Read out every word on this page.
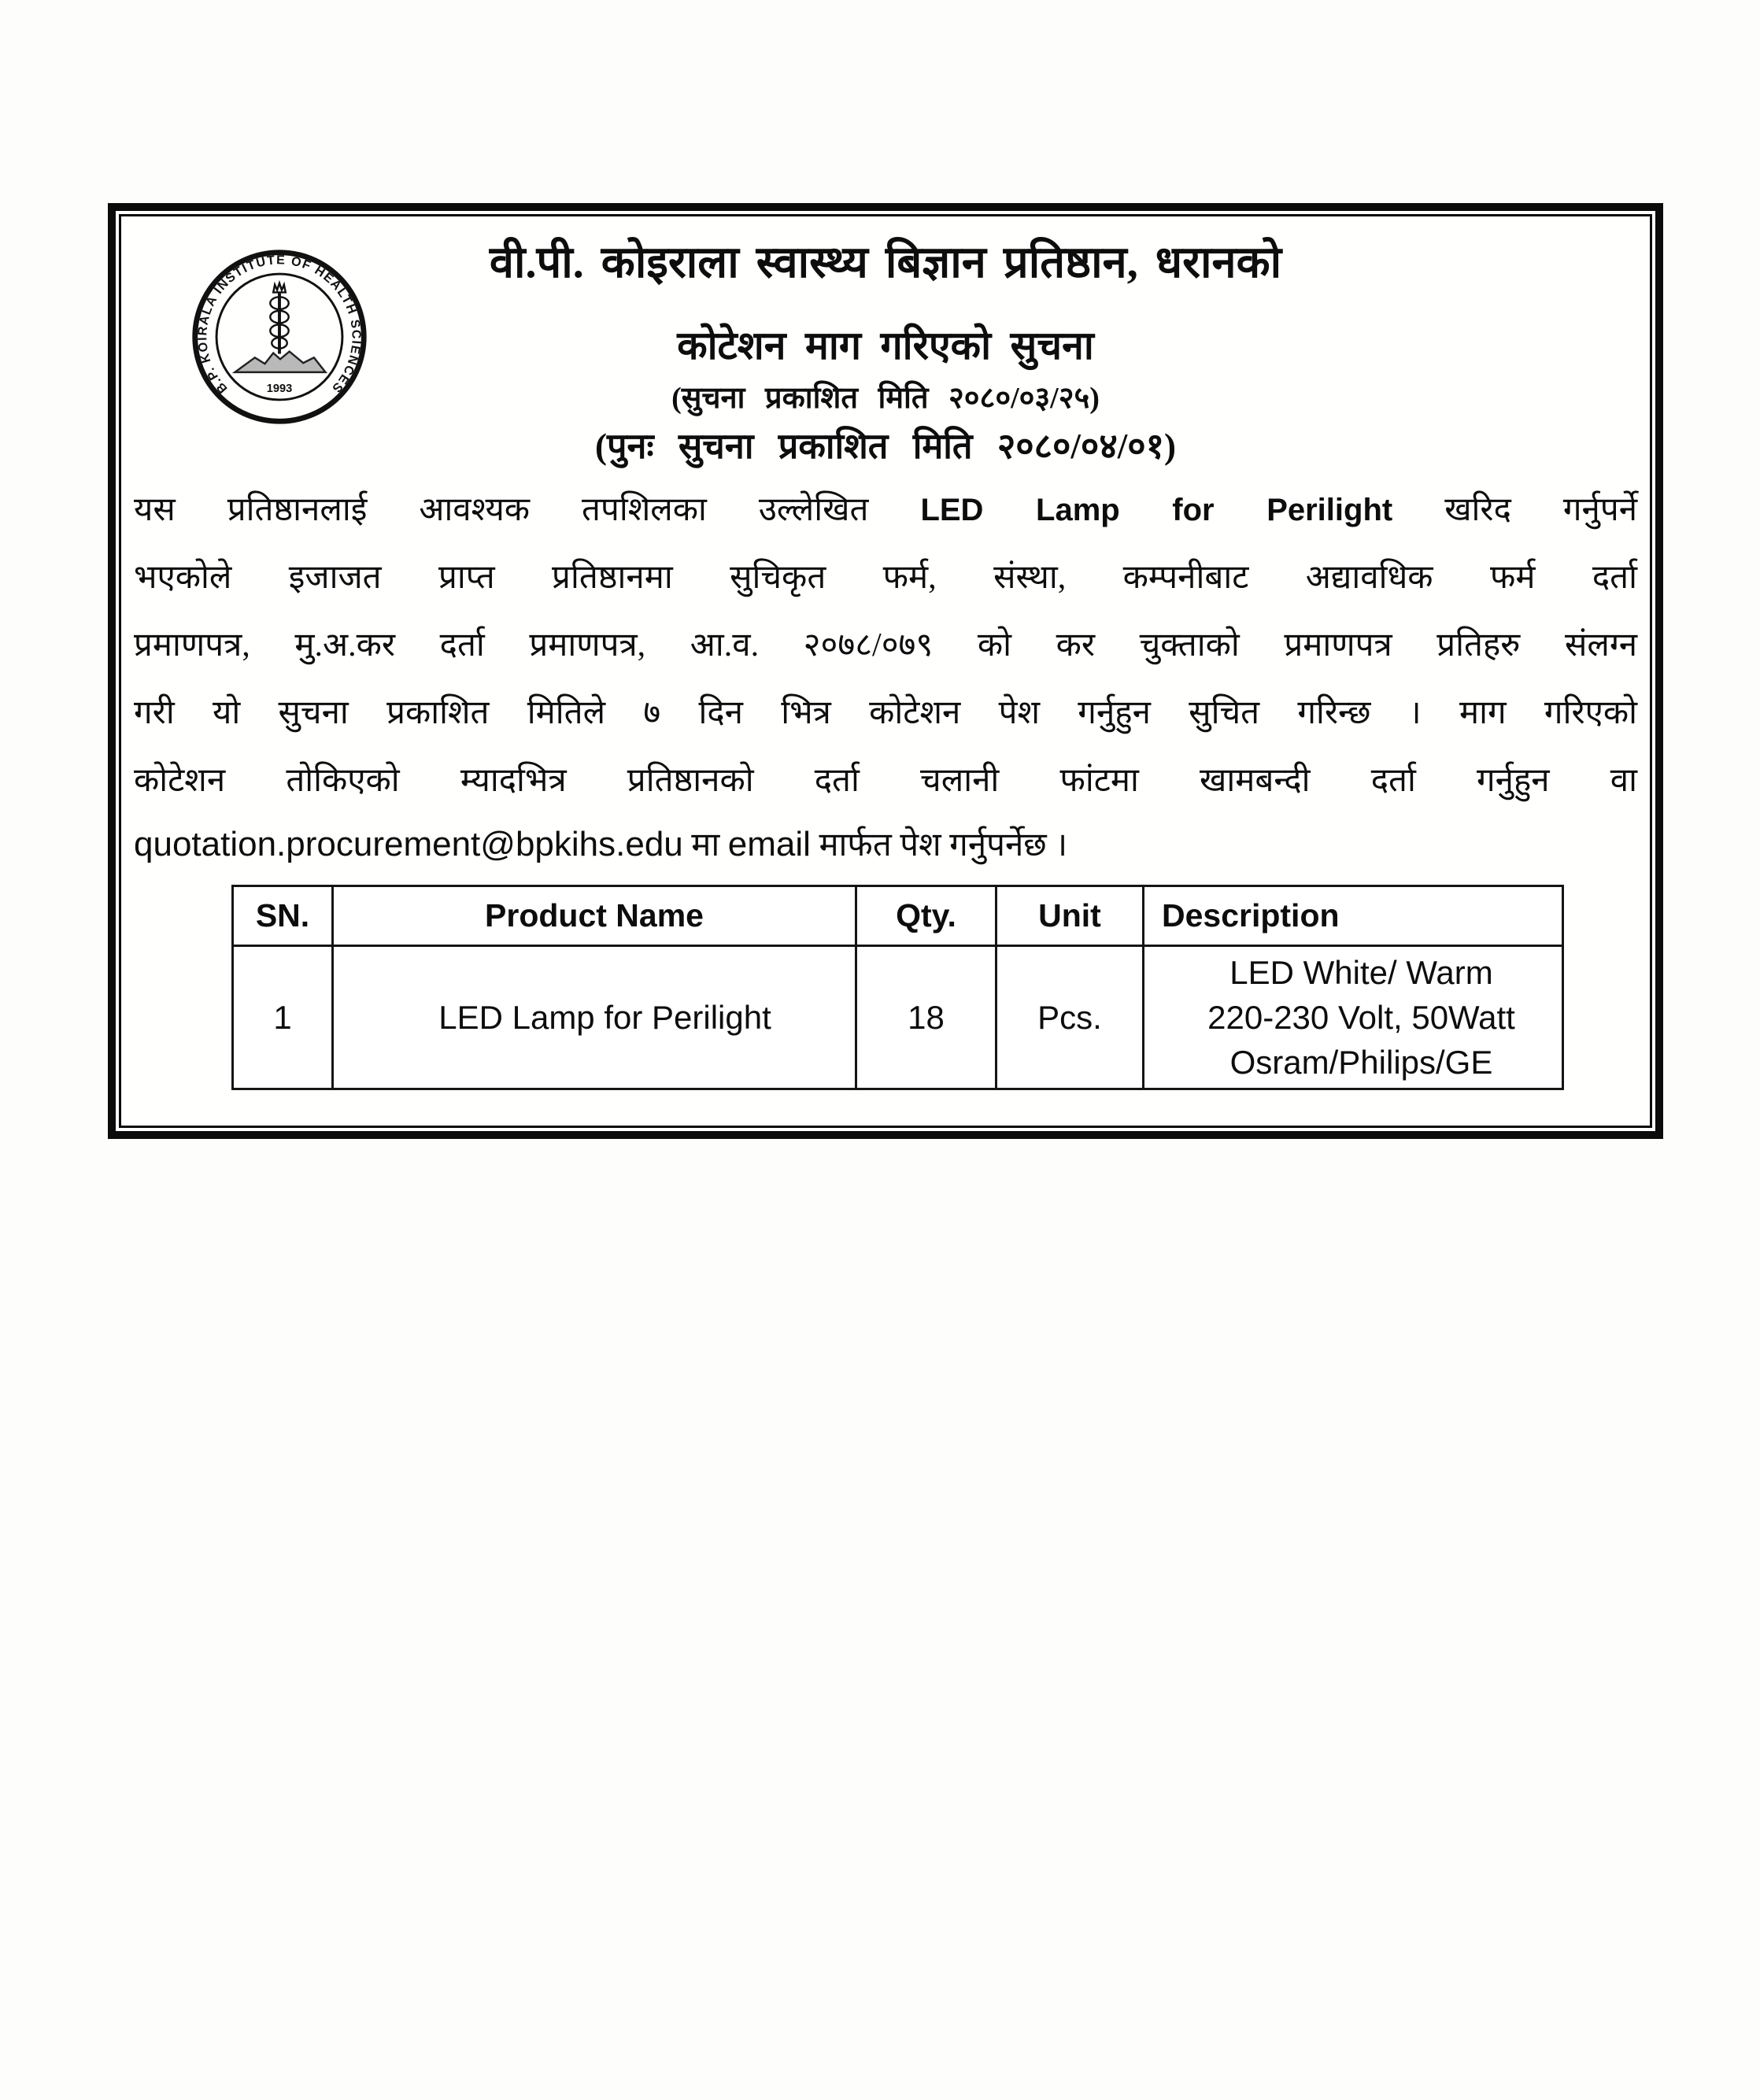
B.P. KOIRALA INSTITUTE OF HEALTH SCIENCES
1993
वी.पी. कोइराला स्वास्थ्य बिज्ञान प्रतिष्ठान, धरानको
कोटेशन माग गरिएको सुचना
(सुचना प्रकाशित मिति २०८०/०३/२५)
(पुनः सुचना प्रकाशित मिति २०८०/०४/०१)
यस प्रतिष्ठानलाई आवश्यक तपशिलका उल्लेखित LED Lamp for Perilight खरिद गर्नुपर्ने
भएकोले इजाजत प्राप्त प्रतिष्ठानमा सुचिकृत फर्म, संस्था, कम्पनीबाट अद्यावधिक फर्म दर्ता
प्रमाणपत्र, मु.अ.कर दर्ता प्रमाणपत्र, आ.व. २०७८/०७९ को कर चुक्ताको प्रमाणपत्र प्रतिहरु संलग्न
गरी यो सुचना प्रकाशित मितिले ७ दिन भित्र कोटेशन पेश गर्नुहुन सुचित गरिन्छ । माग गरिएको
कोटेशन तोकिएको म्यादभित्र प्रतिष्ठानको दर्ता चलानी फांटमा खामबन्दी दर्ता गर्नुहुन वा
quotation.procurement@bpkihs.edu मा email मार्फत पेश गर्नुपर्नेछ ।
SN.	Product Name	Qty.	Unit	Description
1	LED Lamp for Perilight	18	Pcs.	LED White/ Warm
220-230 Volt, 50Watt
Osram/Philips/GE
